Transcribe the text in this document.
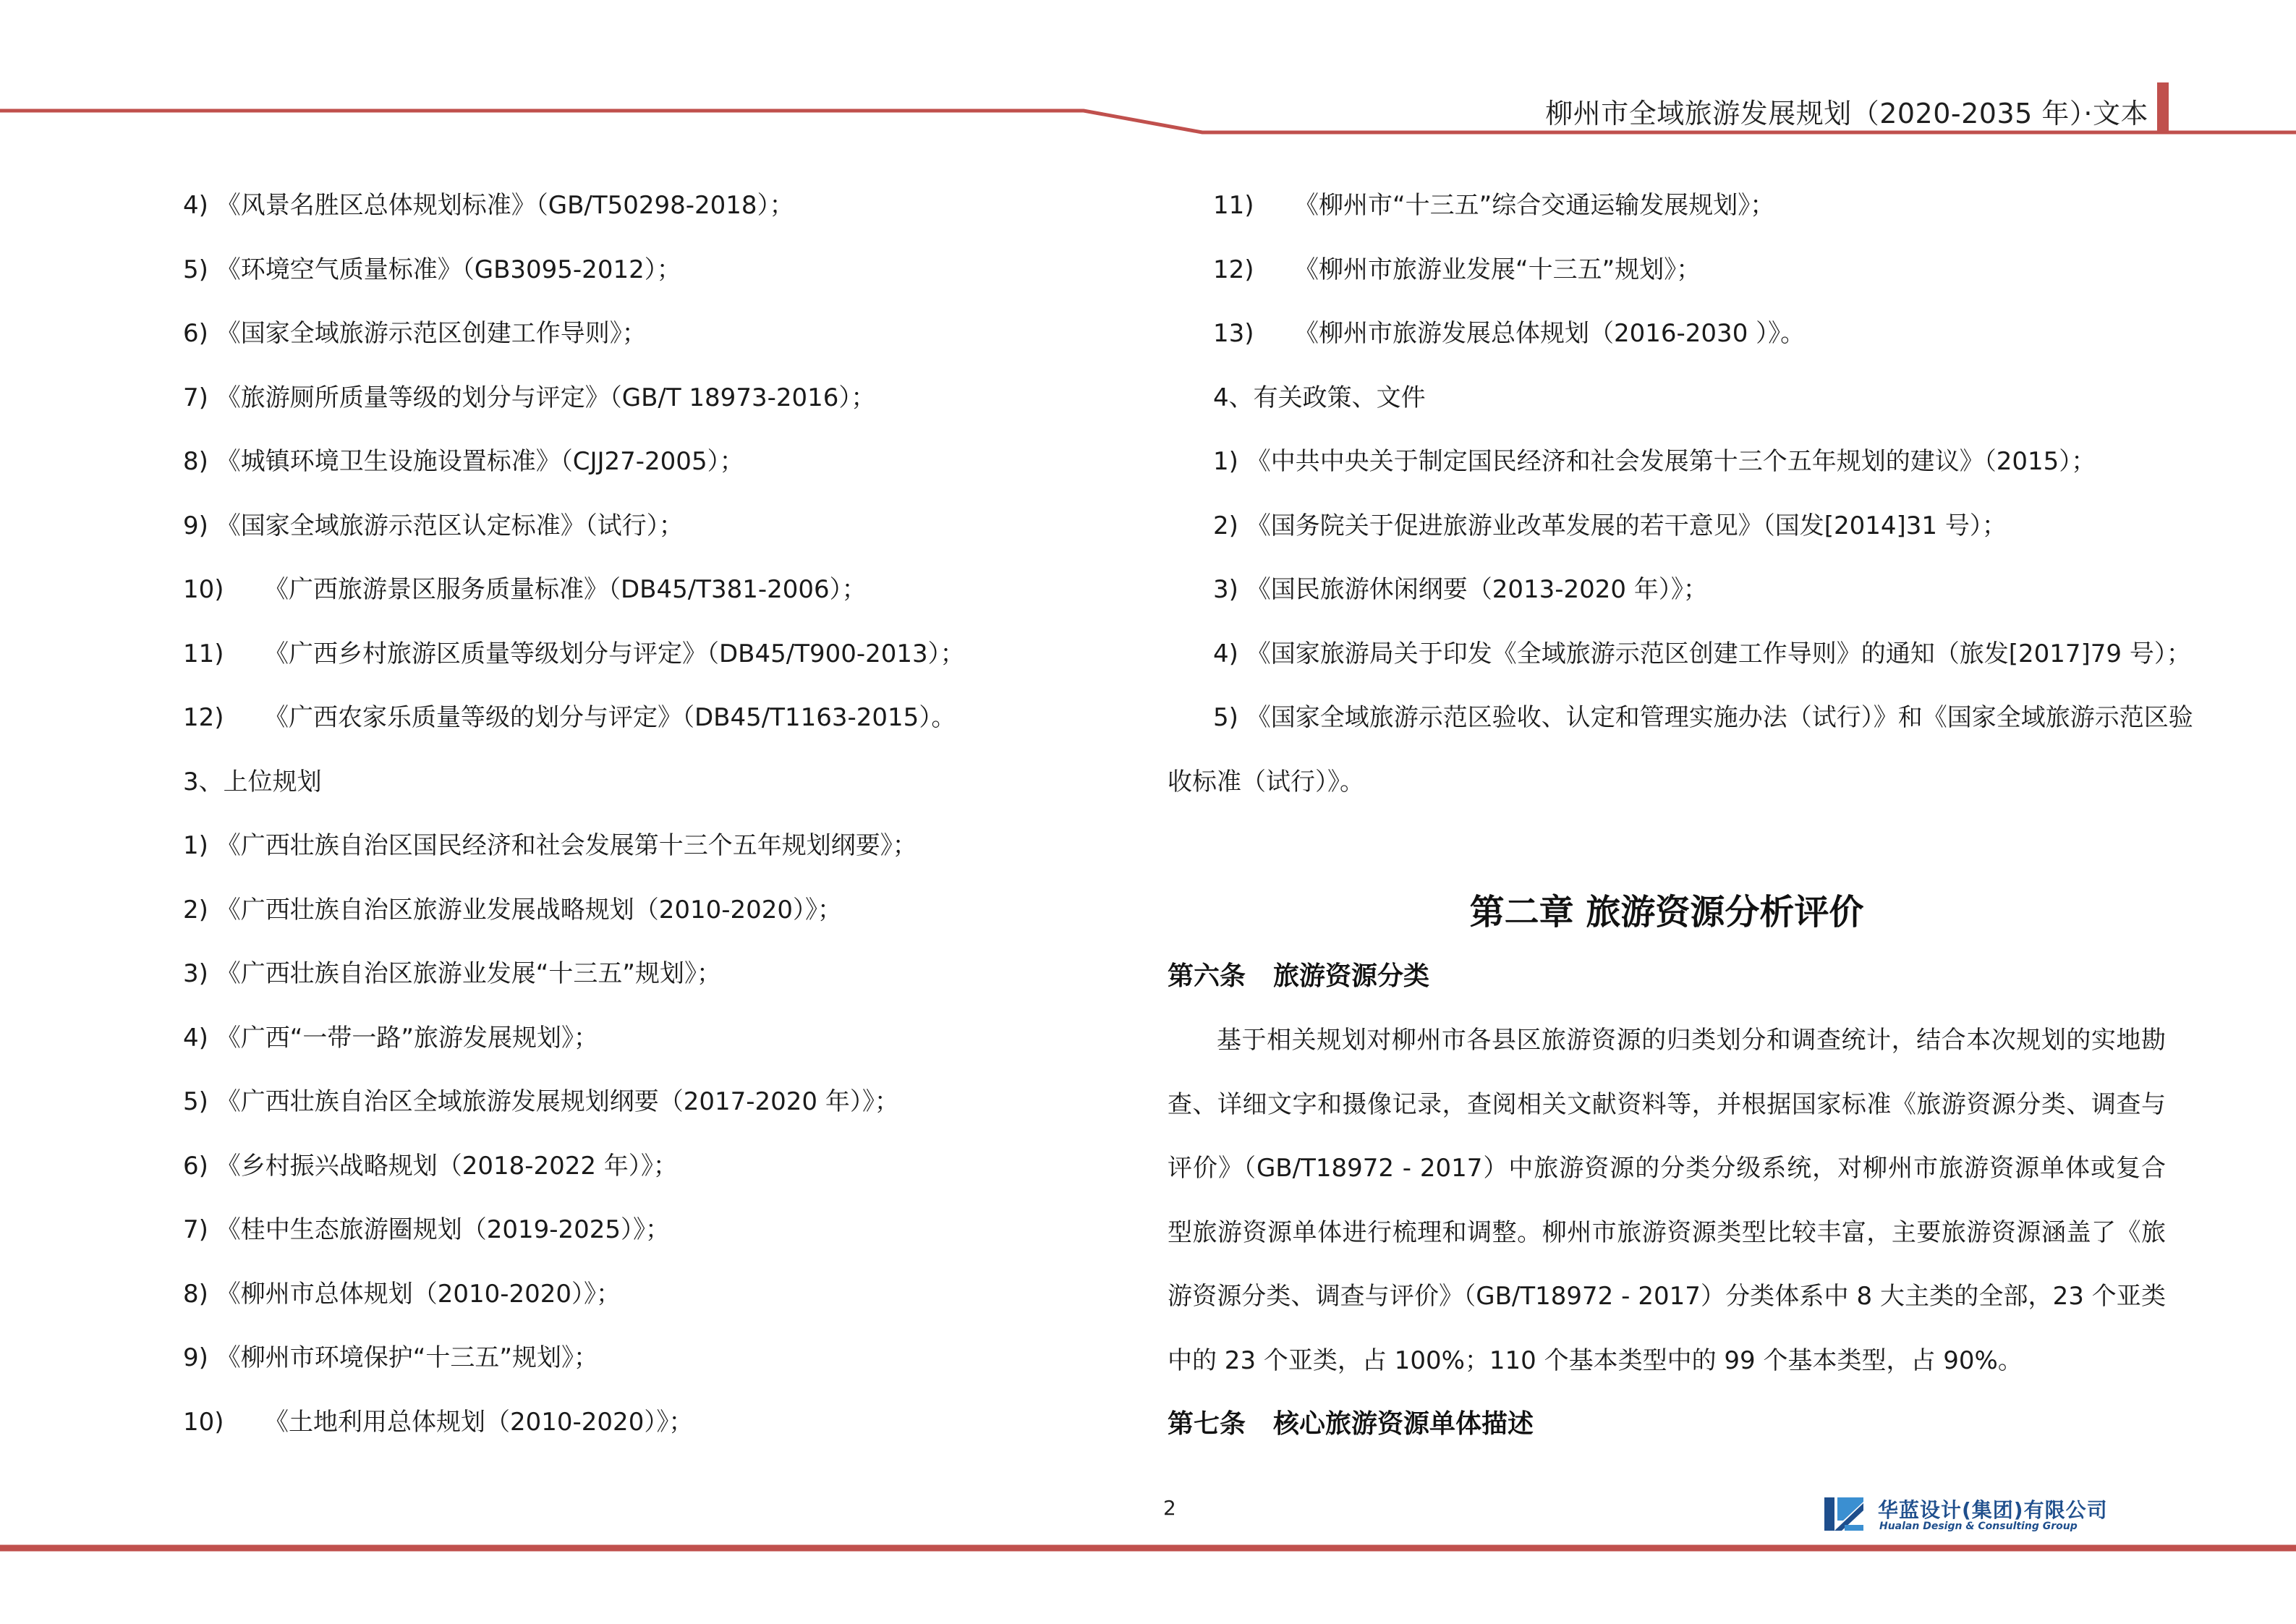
柳州市全域旅游发展规划（2020-2035 年）·文本
4) 《风景名胜区总体规划标准》（GB/T50298-2018）；
5) 《环境空气质量标准》（GB3095-2012）；
6) 《国家全域旅游示范区创建工作导则》；
7) 《旅游厕所质量等级的划分与评定》（GB/T 18973-2016）；
8) 《城镇环境卫生设施设置标准》（CJJ27-2005）；
9) 《国家全域旅游示范区认定标准》（试行）；
10) 《广西旅游景区服务质量标准》（DB45/T381-2006）；
11) 《广西乡村旅游区质量等级划分与评定》（DB45/T900-2013）；
12) 《广西农家乐质量等级的划分与评定》（DB45/T1163-2015）。
3、上位规划
1) 《广西壮族自治区国民经济和社会发展第十三个五年规划纲要》；
2) 《广西壮族自治区旅游业发展战略规划（2010-2020）》；
3) 《广西壮族自治区旅游业发展“十三五”规划》；
4) 《广西“一带一路”旅游发展规划》；
5) 《广西壮族自治区全域旅游发展规划纲要（2017-2020 年）》；
6) 《乡村振兴战略规划（2018-2022 年）》；
7) 《桂中生态旅游圈规划（2019-2025）》；
8) 《柳州市总体规划（2010-2020）》；
9) 《柳州市环境保护“十三五”规划》；
10) 《土地利用总体规划（2010-2020）》；
11) 《柳州市“十三五”综合交通运输发展规划》；
12) 《柳州市旅游业发展“十三五”规划》；
13) 《柳州市旅游发展总体规划（2016-2030 ）》。
4、有关政策、文件
1) 《中共中央关于制定国民经济和社会发展第十三个五年规划的建议》（2015）；
2) 《国务院关于促进旅游业改革发展的若干意见》（国发[2014]31 号）；
3) 《国民旅游休闲纲要（2013-2020 年）》；
4) 《国家旅游局关于印发《全域旅游示范区创建工作导则》的通知（旅发[2017]79 号）；
5) 《国家全域旅游示范区验收、认定和管理实施办法（试行）》和《国家全域旅游示范区验
收标准（试行）》。
第二章 旅游资源分析评价
第六条 旅游资源分类
基于相关规划对柳州市各县区旅游资源的归类划分和调查统计，结合本次规划的实地勘查、详细文字和摄像记录，查阅相关文献资料等，并根据国家标准《旅游资源分类、调查与评价》（GB/T18972 - 2017）中旅游资源的分类分级系统，对柳州市旅游资源单体或复合型旅游资源单体进行梳理和调整。柳州市旅游资源类型比较丰富，主要旅游资源涵盖了《旅游资源分类、调查与评价》（GB/T18972 - 2017）分类体系中 8 大主类的全部，23 个亚类中的 23 个亚类，占 100%；110 个基本类型中的 99 个基本类型，占 90%。
第七条 核心旅游资源单体描述
2	华蓝设计(集团)有限公司
Hualan Design & Consulting Group
